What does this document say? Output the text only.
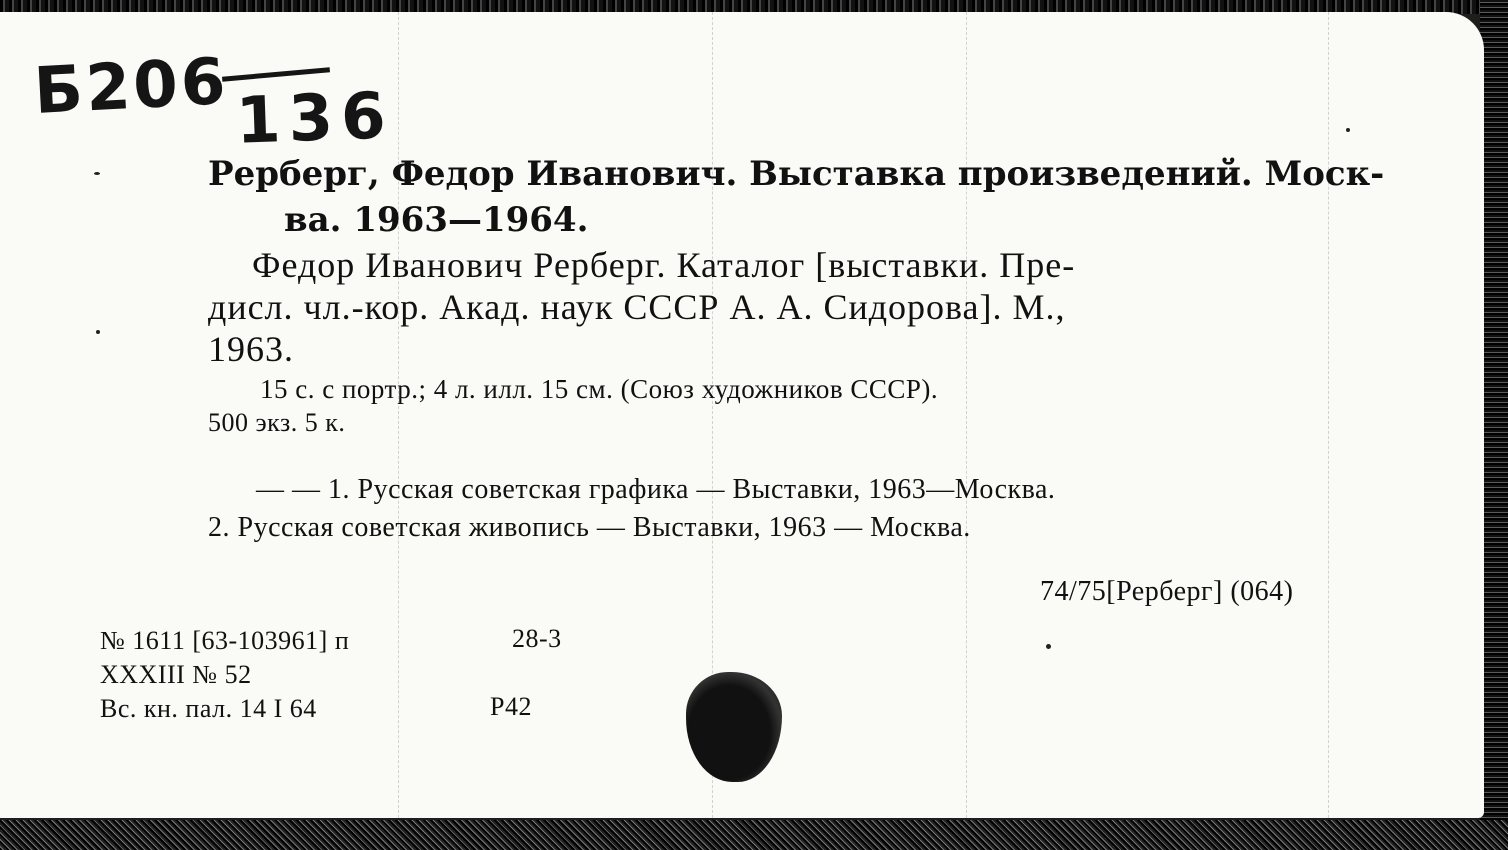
Б206 136
Рерберг, Федор Иванович. Выставка произведений. Моск-
ва. 1963—1964.
Федор Иванович Рерберг. Каталог [выставки. Пре-
дисл. чл.-кор. Акад. наук СССР А. А. Сидорова]. М.,
1963.
15 с. с портр.; 4 л. илл. 15 см. (Союз художников СССР).
500 экз. 5 к.
— — 1. Русская советская графика — Выставки, 1963—Москва.
2. Русская советская живопись — Выставки, 1963 — Москва.
74/75[Рерберг] (064)
№ 1611 [63-103961] п	28-3
XXXIII № 52
Вс. кн. пал. 14 I 64	Р42
